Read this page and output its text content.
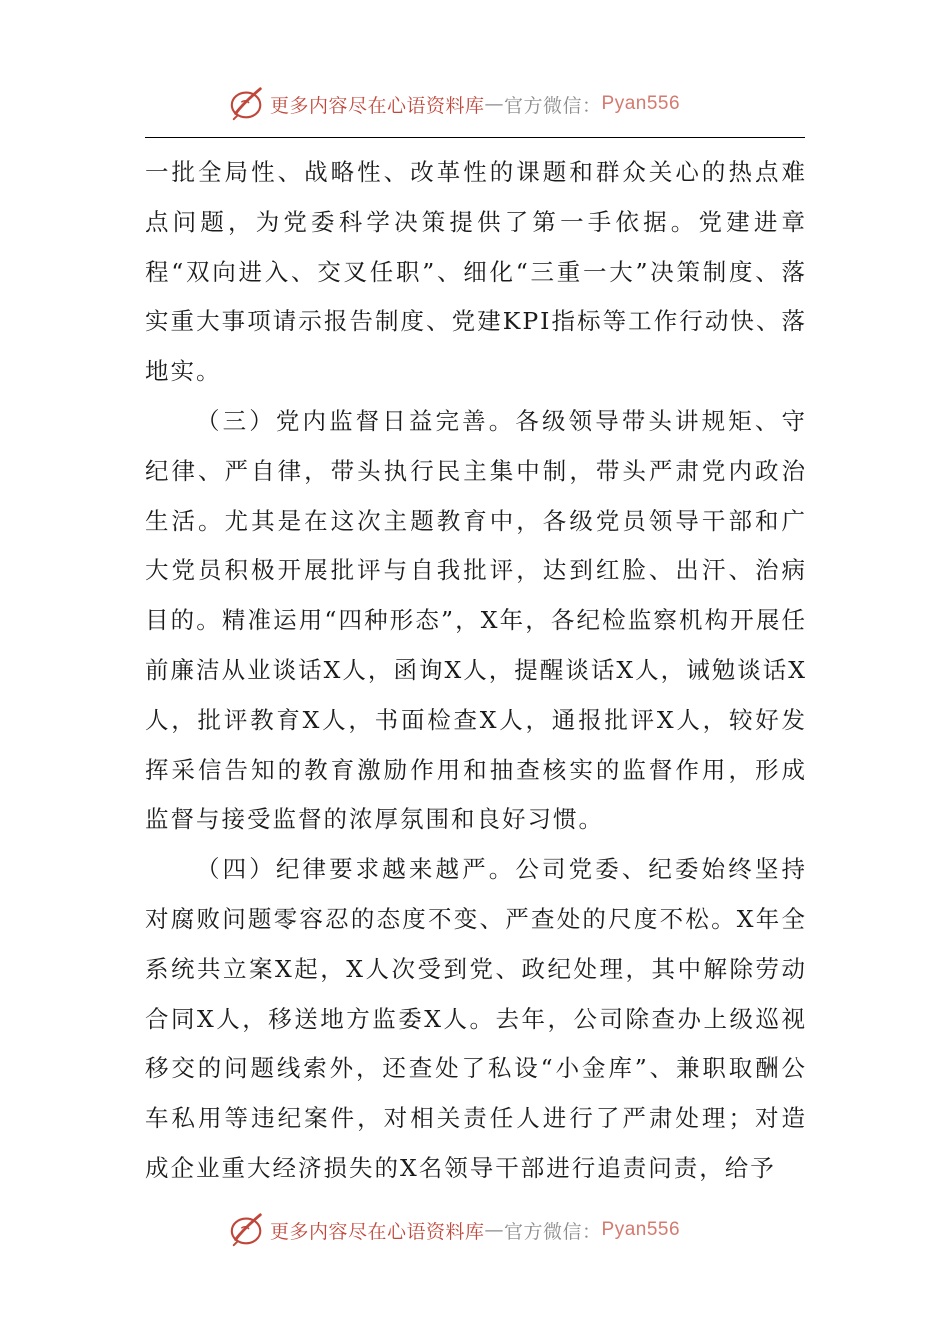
更多内容尽在心语资料库 — 官方微信： Pyan556

一批全局性、战略性、改革性的课题和群众关心的热点难点问题，为党委科学决策提供了第一手依据。党建进章程“双向进入、交叉任职”、细化“三重一大”决策制度、落实重大事项请示报告制度、党建KPI指标等工作行动快、落地实。

（三）党内监督日益完善。各级领导带头讲规矩、守纪律、严自律，带头执行民主集中制，带头严肃党内政治生活。尤其是在这次主题教育中，各级党员领导干部和广大党员积极开展批评与自我批评，达到红脸、出汗、治病目的。精准运用“四种形态”，X年，各纪检监察机构开展任前廉洁从业谈话X人，函询X人，提醒谈话X人，诫勉谈话X人，批评教育X人，书面检查X人，通报批评X人，较好发挥采信告知的教育激励作用和抽查核实的监督作用，形成监督与接受监督的浓厚氛围和良好习惯。

（四）纪律要求越来越严。公司党委、纪委始终坚持对腐败问题零容忍的态度不变、严查处的尺度不松。X年全系统共立案X起，X人次受到党、政纪处理，其中解除劳动合同X人，移送地方监委X人。去年，公司除查办上级巡视移交的问题线索外，还查处了私设“小金库”、兼职取酬公车私用等违纪案件，对相关责任人进行了严肃处理；对造成企业重大经济损失的X名领导干部进行追责问责，给予

更多内容尽在心语资料库 — 官方微信： Pyan556
